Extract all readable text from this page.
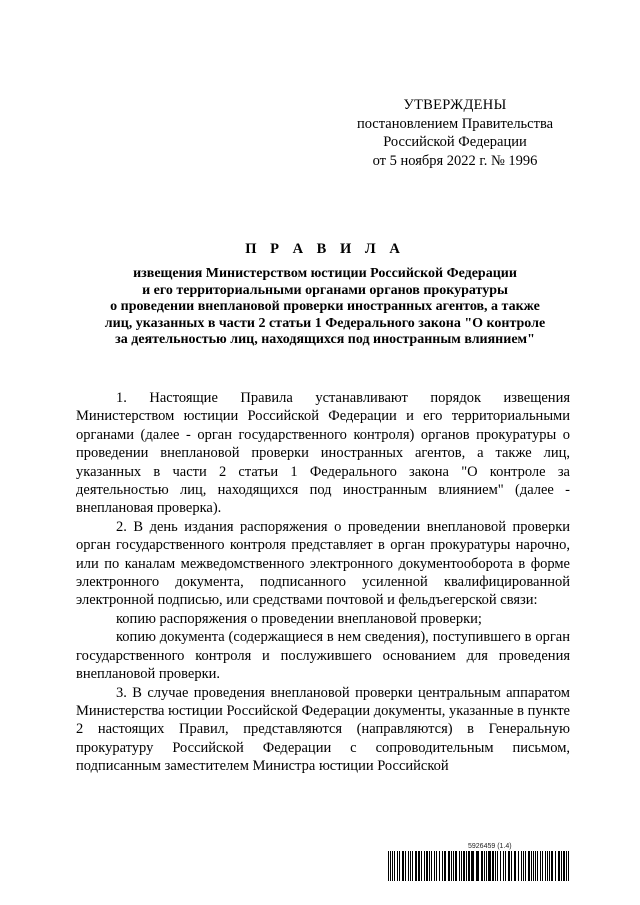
УТВЕРЖДЕНЫ
постановлением Правительства
Российской Федерации
от 5 ноября 2022 г. № 1996
П Р А В И Л А
извещения Министерством юстиции Российской Федерации
и его территориальными органами органов прокуратуры
о проведении внеплановой проверки иностранных агентов, а также
лиц, указанных в части 2 статьи 1 Федерального закона "О контроле
за деятельностью лиц, находящихся под иностранным влиянием"

1. Настоящие Правила устанавливают порядок извещения Министерством юстиции Российской Федерации и его территориальными органами (далее - орган государственного контроля) органов прокуратуры о проведении внеплановой проверки иностранных агентов, а также лиц, указанных в части 2 статьи 1 Федерального закона "О контроле за деятельностью лиц, находящихся под иностранным влиянием" (далее - внеплановая проверка).

2. В день издания распоряжения о проведении внеплановой проверки орган государственного контроля представляет в орган прокуратуры нарочно, или по каналам межведомственного электронного документооборота в форме электронного документа, подписанного усиленной квалифицированной электронной подписью, или средствами почтовой и фельдъегерской связи:

копию распоряжения о проведении внеплановой проверки;

копию документа (содержащиеся в нем сведения), поступившего в орган государственного контроля и послужившего основанием для проведения внеплановой проверки.

3. В случае проведения внеплановой проверки центральным аппаратом Министерства юстиции Российской Федерации документы, указанные в пункте 2 настоящих Правил, представляются (направляются) в Генеральную прокуратуру Российской Федерации с сопроводительным письмом, подписанным заместителем Министра юстиции Российской

5926459 (1.4)
